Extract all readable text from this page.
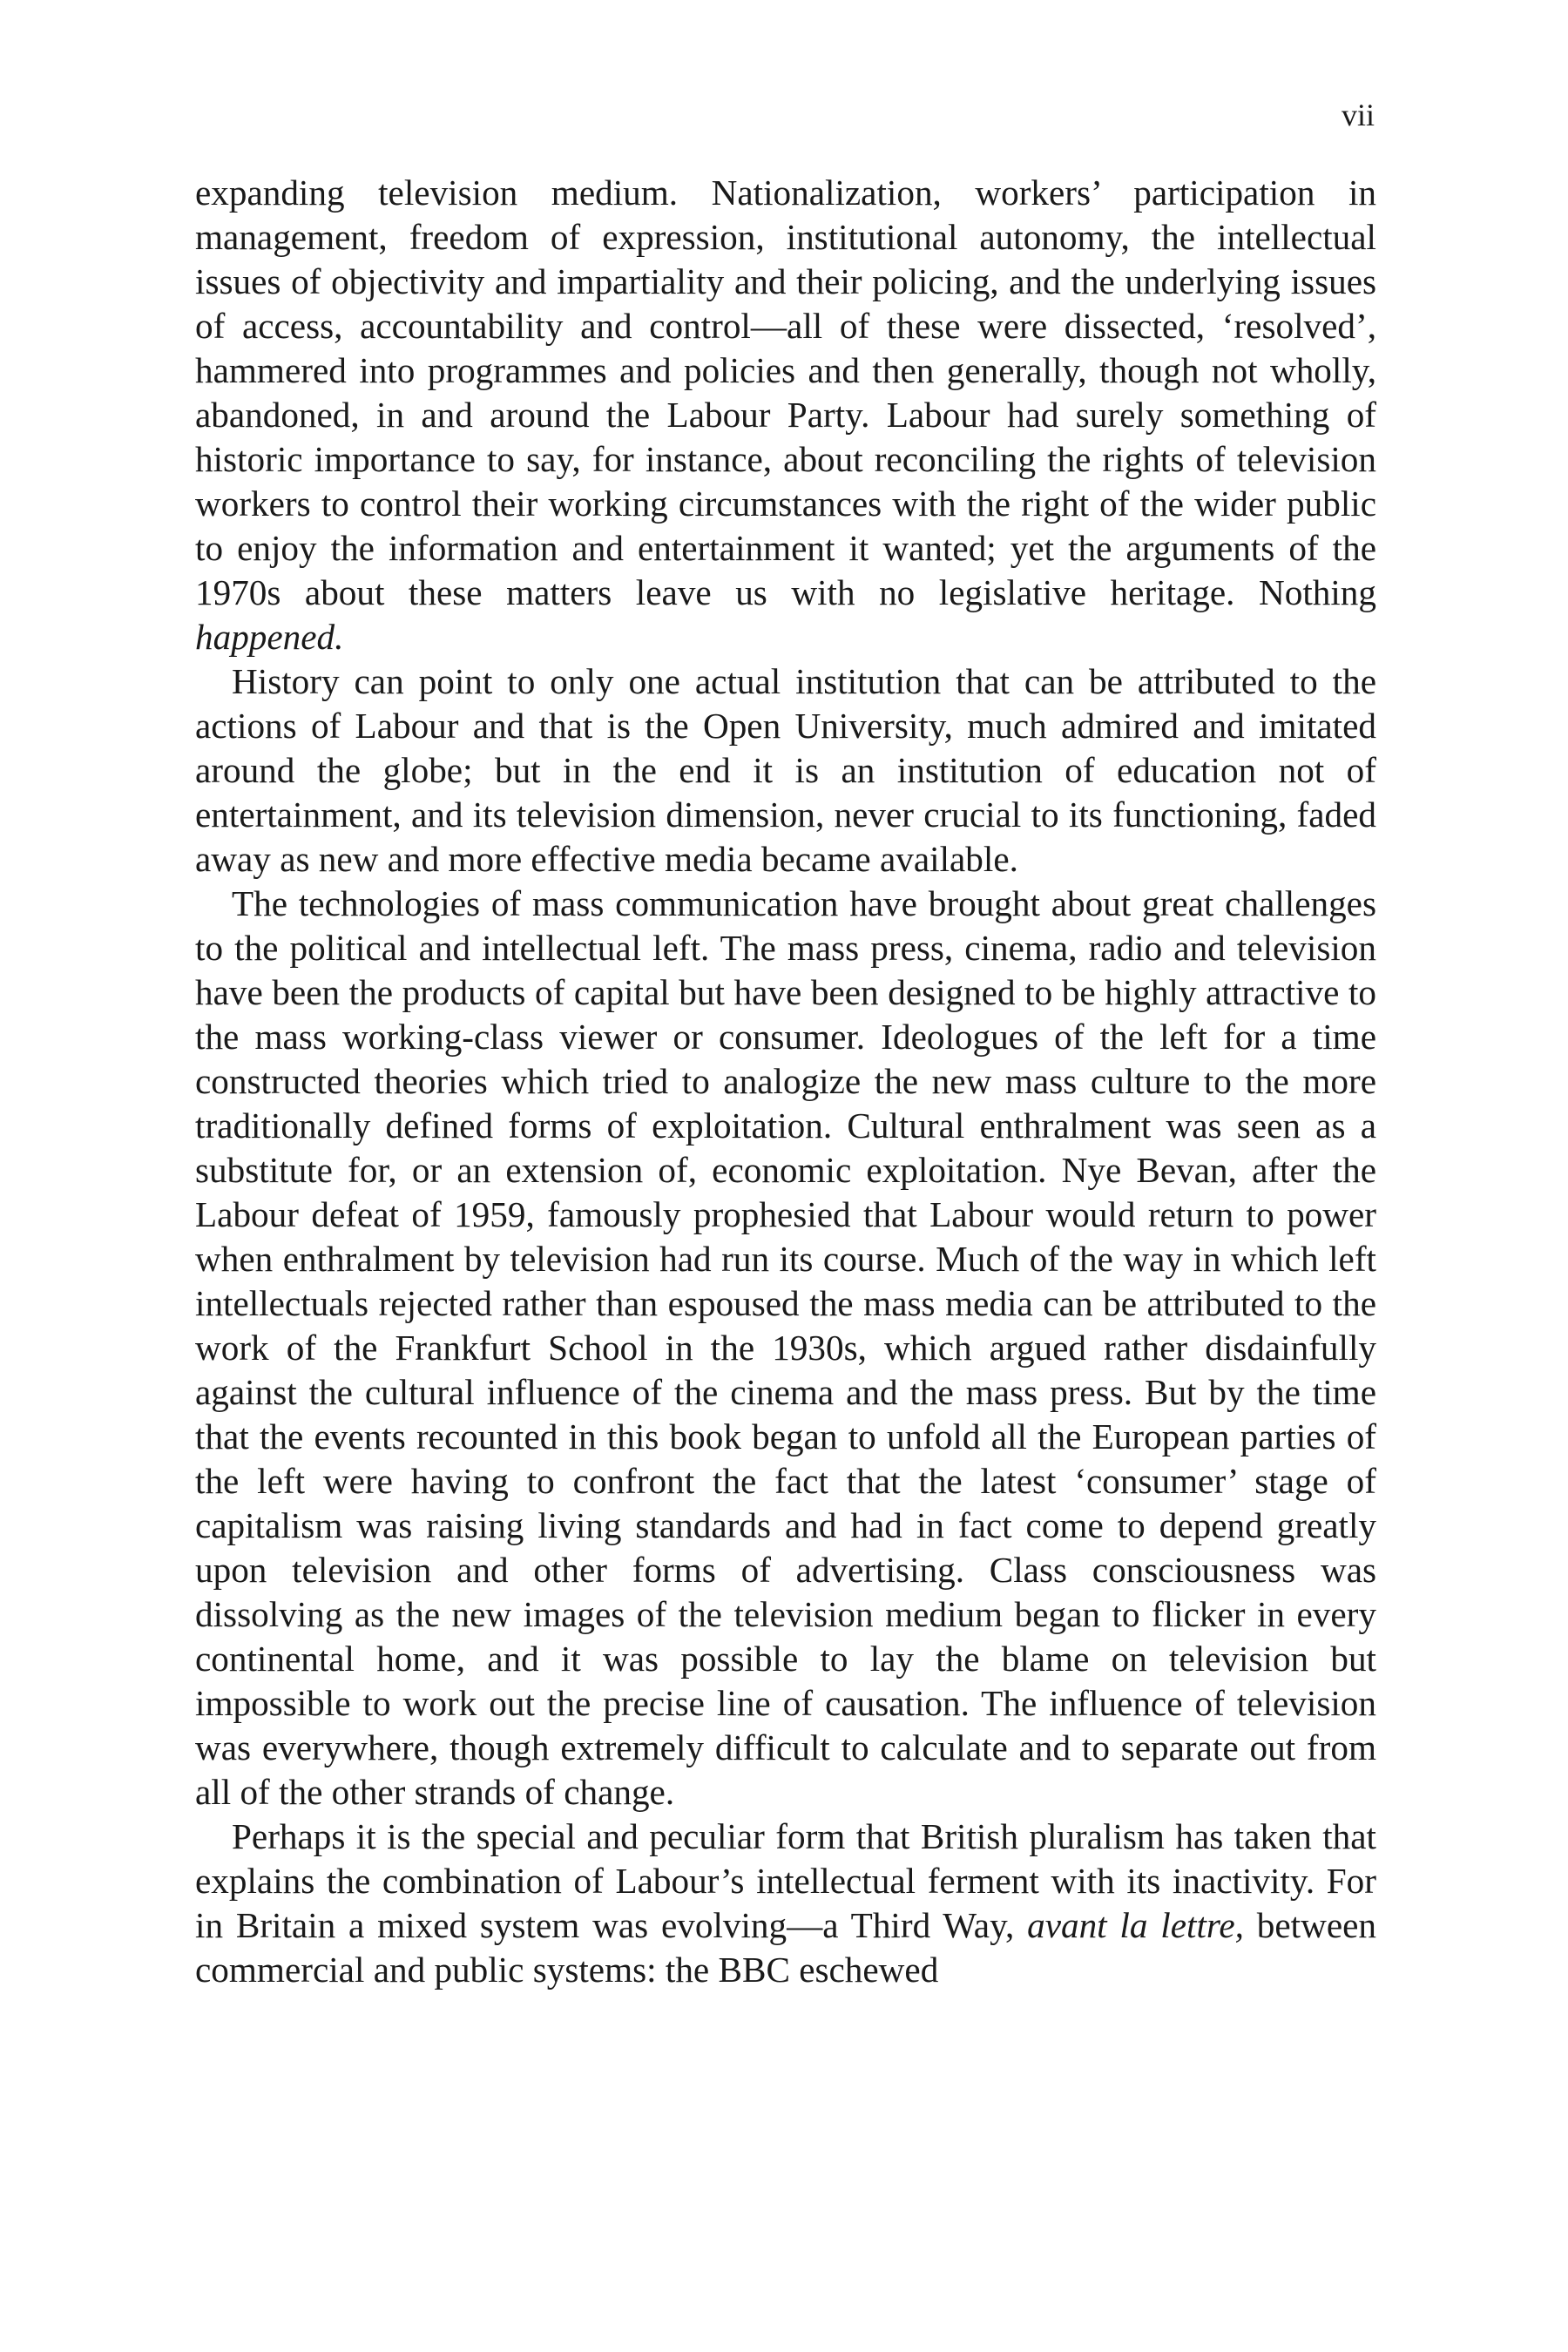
vii

expanding television medium. Nationalization, workers’ participation in management, freedom of expression, institutional autonomy, the intellectual issues of objectivity and impartiality and their policing, and the underlying issues of access, accountability and control—all of these were dissected, ‘resolved’, hammered into programmes and policies and then generally, though not wholly, abandoned, in and around the Labour Party. Labour had surely something of historic importance to say, for instance, about reconciling the rights of television workers to control their working circumstances with the right of the wider public to enjoy the information and entertainment it wanted; yet the arguments of the 1970s about these matters leave us with no legislative heritage. Nothing happened.

History can point to only one actual institution that can be attributed to the actions of Labour and that is the Open University, much admired and imitated around the globe; but in the end it is an institution of education not of entertainment, and its television dimension, never crucial to its functioning, faded away as new and more effective media became available.

The technologies of mass communication have brought about great challenges to the political and intellectual left. The mass press, cinema, radio and television have been the products of capital but have been designed to be highly attractive to the mass working-class viewer or consumer. Ideologues of the left for a time constructed theories which tried to analogize the new mass culture to the more traditionally defined forms of exploitation. Cultural enthralment was seen as a substitute for, or an extension of, economic exploitation. Nye Bevan, after the Labour defeat of 1959, famously prophesied that Labour would return to power when enthralment by television had run its course. Much of the way in which left intellectuals rejected rather than espoused the mass media can be attributed to the work of the Frankfurt School in the 1930s, which argued rather disdainfully against the cultural influence of the cinema and the mass press. But by the time that the events recounted in this book began to unfold all the European parties of the left were having to confront the fact that the latest ‘consumer’ stage of capitalism was raising living standards and had in fact come to depend greatly upon television and other forms of advertising. Class consciousness was dissolving as the new images of the television medium began to flicker in every continental home, and it was possible to lay the blame on television but impossible to work out the precise line of causation. The influence of television was everywhere, though extremely difficult to calculate and to separate out from all of the other strands of change.

Perhaps it is the special and peculiar form that British pluralism has taken that explains the combination of Labour’s intellectual ferment with its inactivity. For in Britain a mixed system was evolving—a Third Way, avant la lettre, between commercial and public systems: the BBC eschewed
